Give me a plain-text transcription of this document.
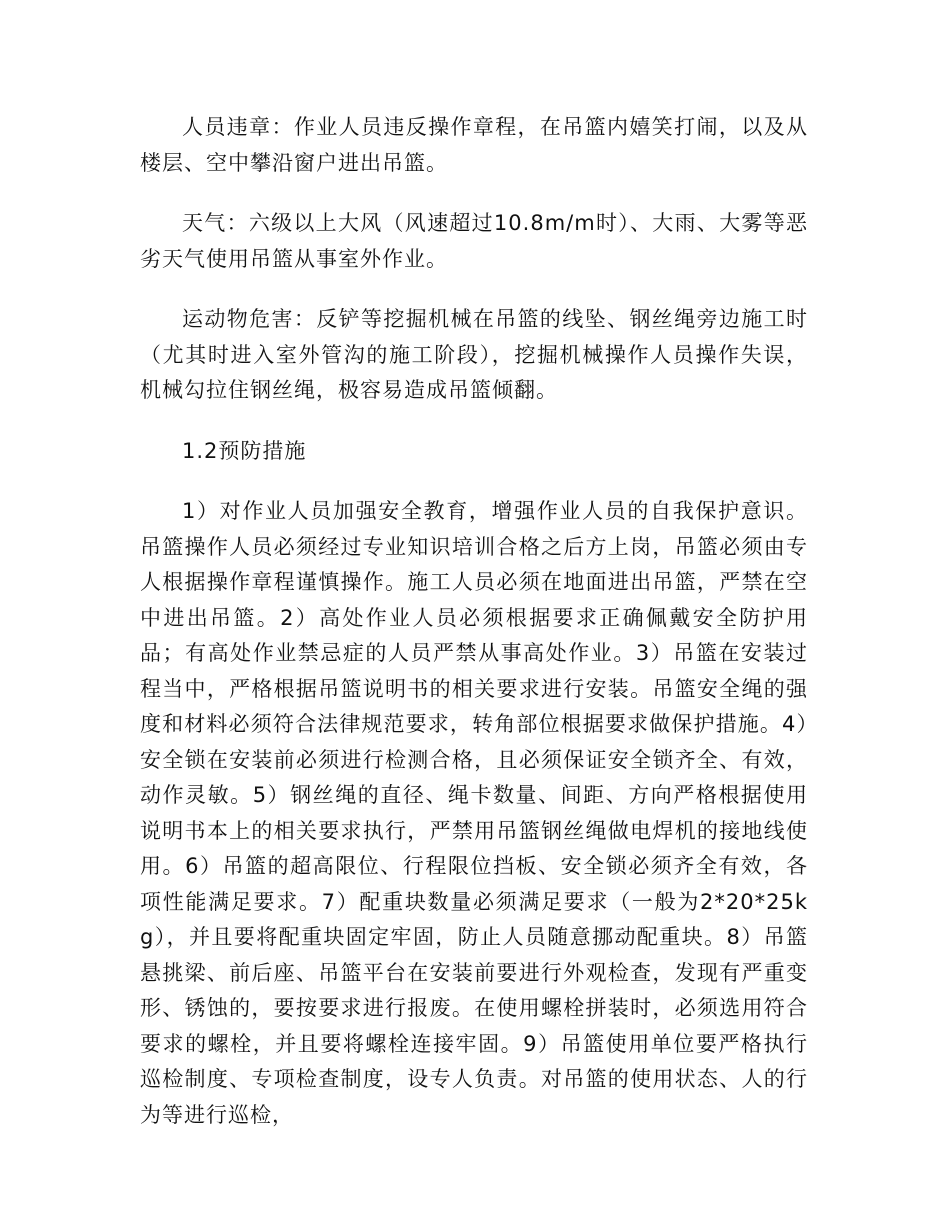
人员违章：作业人员违反操作章程，在吊篮内嬉笑打闹，以及从楼层、空中攀沿窗户进出吊篮。

天气：六级以上大风（风速超过10.8m/m时）、大雨、大雾等恶劣天气使用吊篮从事室外作业。

运动物危害：反铲等挖掘机械在吊篮的线坠、钢丝绳旁边施工时（尤其时进入室外管沟的施工阶段），挖掘机械操作人员操作失误，机械勾拉住钢丝绳，极容易造成吊篮倾翻。

1.2预防措施

1）对作业人员加强安全教育，增强作业人员的自我保护意识。吊篮操作人员必须经过专业知识培训合格之后方上岗，吊篮必须由专人根据操作章程谨慎操作。施工人员必须在地面进出吊篮，严禁在空中进出吊篮。2）高处作业人员必须根据要求正确佩戴安全防护用品；有高处作业禁忌症的人员严禁从事高处作业。3）吊篮在安装过程当中，严格根据吊篮说明书的相关要求进行安装。吊篮安全绳的强度和材料必须符合法律规范要求，转角部位根据要求做保护措施。4）安全锁在安装前必须进行检测合格，且必须保证安全锁齐全、有效，动作灵敏。5）钢丝绳的直径、绳卡数量、间距、方向严格根据使用说明书本上的相关要求执行，严禁用吊篮钢丝绳做电焊机的接地线使用。6）吊篮的超高限位、行程限位挡板、安全锁必须齐全有效，各项性能满足要求。7）配重块数量必须满足要求（一般为2*20*25kg），并且要将配重块固定牢固，防止人员随意挪动配重块。8）吊篮悬挑梁、前后座、吊篮平台在安装前要进行外观检查，发现有严重变形、锈蚀的，要按要求进行报废。在使用螺栓拼装时，必须选用符合要求的螺栓，并且要将螺栓连接牢固。9）吊篮使用单位要严格执行巡检制度、专项检查制度，设专人负责。对吊篮的使用状态、人的行为等进行巡检，
